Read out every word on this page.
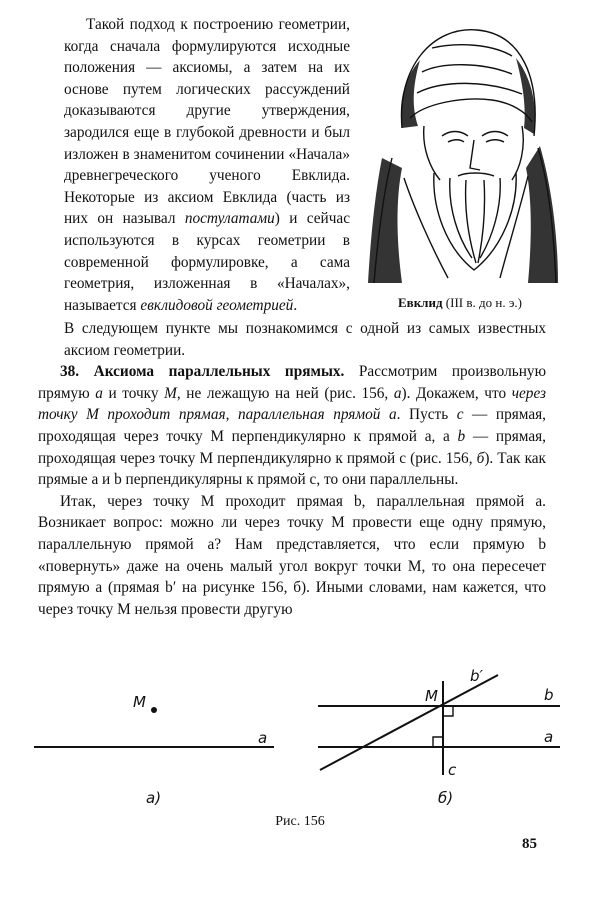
Такой подход к построению геометрии, когда сначала формулируются исходные положения — аксиомы, а затем на их основе путем логических рассуждений доказываются другие утверждения, зародился еще в глубокой древности и был изложен в знаменитом сочинении «Начала» древнегреческого ученого Евклида. Некоторые из аксиом Евклида (часть из них он называл постулатами) и сейчас используются в курсах геометрии в современной формулировке, а сама геометрия, изложенная в «Началах», называется евклидовой геометрией.	Евклид (III в. до н. э.)

В следующем пункте мы познакомимся с одной из самых известных аксиом геометрии.

38. Аксиома параллельных прямых. Рассмотрим произвольную прямую a и точку M, не лежащую на ней (рис. 156, а). Докажем, что через точку M проходит прямая, параллельная прямой a. Пусть c — прямая, проходящая через точку M перпендикулярно к прямой a, а b — прямая, проходящая через точку M перпендикулярно к прямой c (рис. 156, б). Так как прямые a и b перпендикулярны к прямой c, то они параллельны.

Итак, через точку M проходит прямая b, параллельная прямой a. Возникает вопрос: можно ли через точку M провести еще одну прямую, параллельную прямой a? Нам представляется, что если прямую b «повернуть» даже на очень малый угол вокруг точки M, то она пересечет прямую a (прямая b′ на рисунке 156, б). Иными словами, нам кажется, что через точку M нельзя провести другую

M
a
а)
M
b′
b
a
c
б)
Рис. 156
85
